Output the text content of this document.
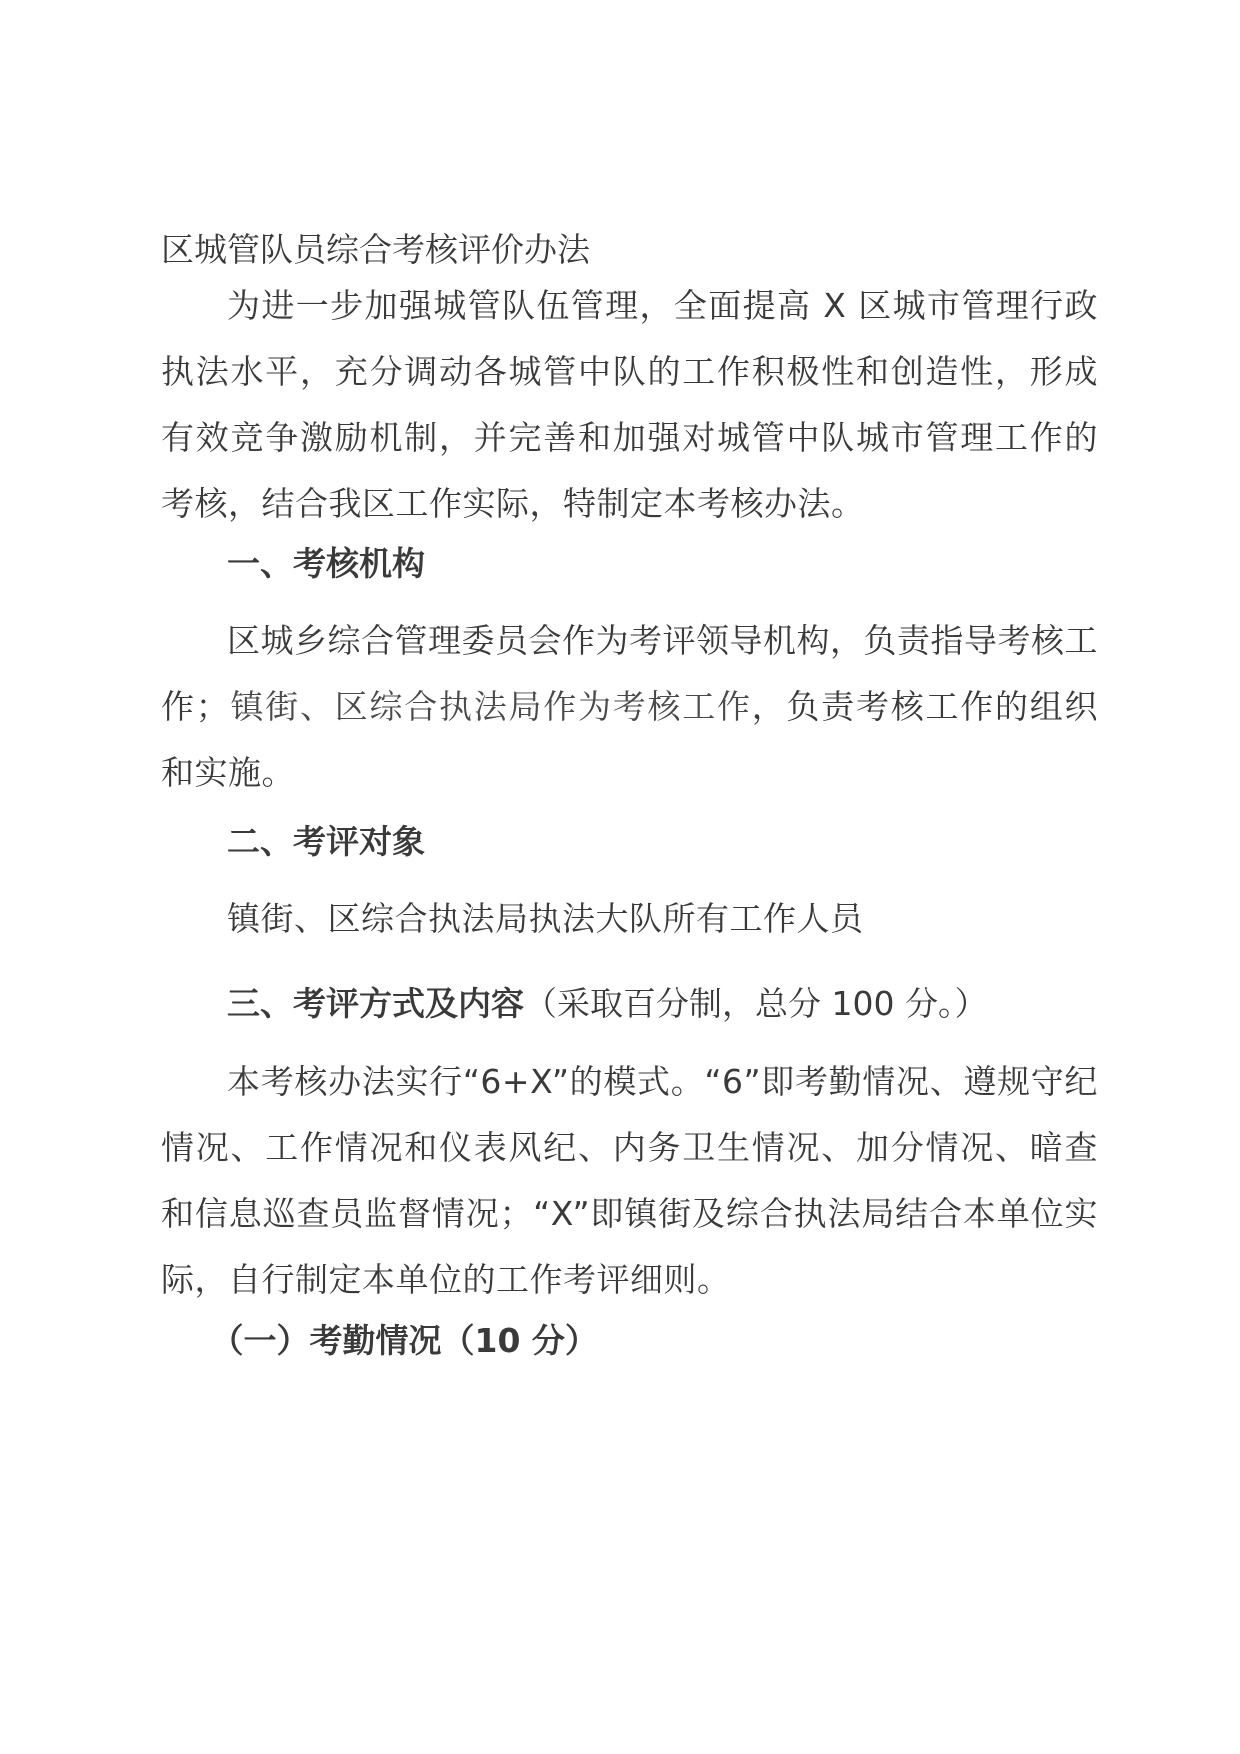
区城管队员综合考核评价办法

为进一步加强城管队伍管理，全面提高 X 区城市管理行政执法水平，充分调动各城管中队的工作积极性和创造性，形成有效竞争激励机制，并完善和加强对城管中队城市管理工作的考核，结合我区工作实际，特制定本考核办法。

一、考核机构

区城乡综合管理委员会作为考评领导机构，负责指导考核工作；镇街、区综合执法局作为考核工作，负责考核工作的组织和实施。

二、考评对象

镇街、区综合执法局执法大队所有工作人员

三、考评方式及内容（采取百分制，总分 100 分。）

本考核办法实行“6+X”的模式。“6”即考勤情况、遵规守纪情况、工作情况和仪表风纪、内务卫生情况、加分情况、暗查和信息巡查员监督情况；“X”即镇街及综合执法局结合本单位实际，自行制定本单位的工作考评细则。

（一）考勤情况（10 分）
